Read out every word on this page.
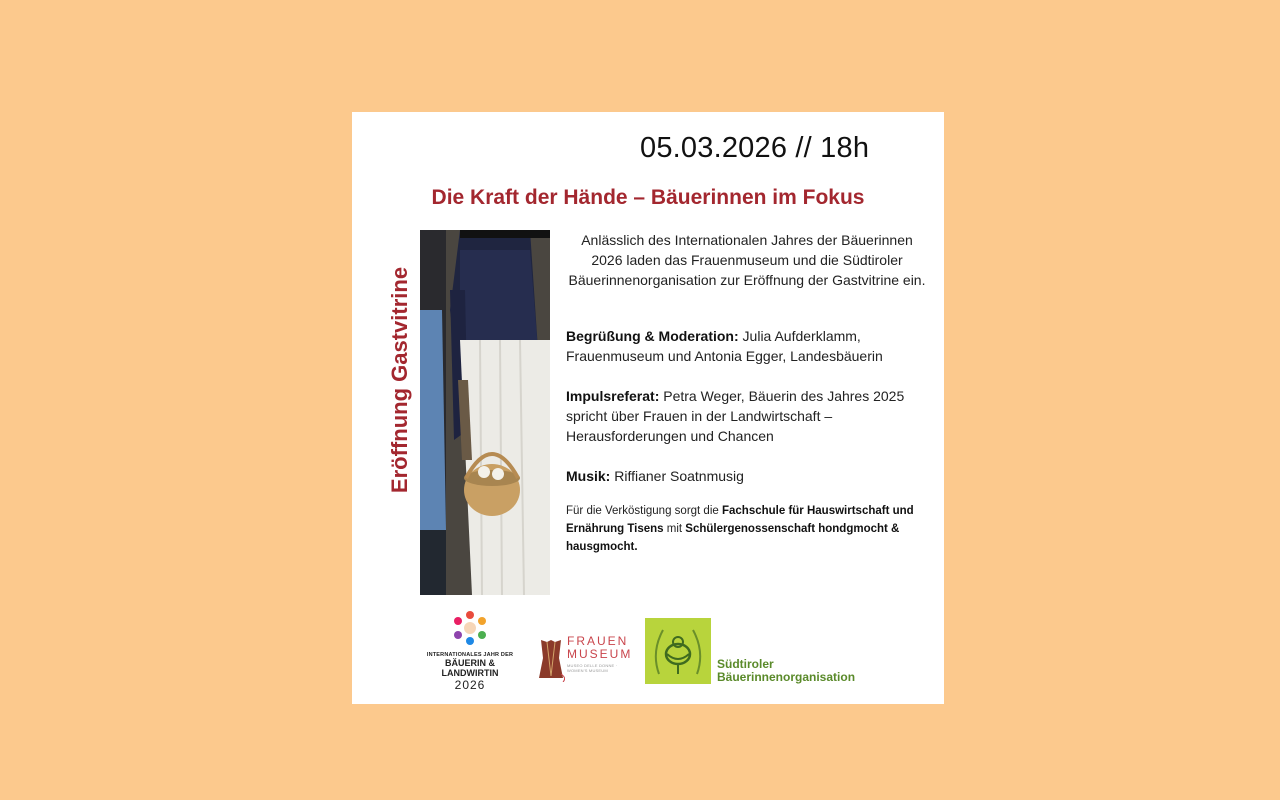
05.03.2026 // 18h
Die Kraft der Hände – Bäuerinnen im Fokus
Eröffnung Gastvitrine
Anlässlich des Internationalen Jahres der Bäuerinnen 2026 laden das Frauenmuseum und die Südtiroler Bäuerinnenorganisation zur Eröffnung der Gastvitrine ein.
Begrüßung & Moderation: Julia Aufderklamm, Frauenmuseum und Antonia Egger, Landesbäuerin
Impulsreferat: Petra Weger, Bäuerin des Jahres 2025 spricht über Frauen in der Landwirtschaft – Herausforderungen und Chancen
Musik: Riffianer Soatnmusig
Für die Verköstigung sorgt die Fachschule für Hauswirtschaft und Ernährung Tisens mit Schülergenossenschaft hondgmocht & hausgmocht.
INTERNATIONALES JAHR DER
BÄUERIN & LANDWIRTIN
2026
FRAUEN
MUSEUM
MUSEO DELLE DONNE · WOMEN'S MUSEUM	Südtiroler
Bäuerinnenorganisation
